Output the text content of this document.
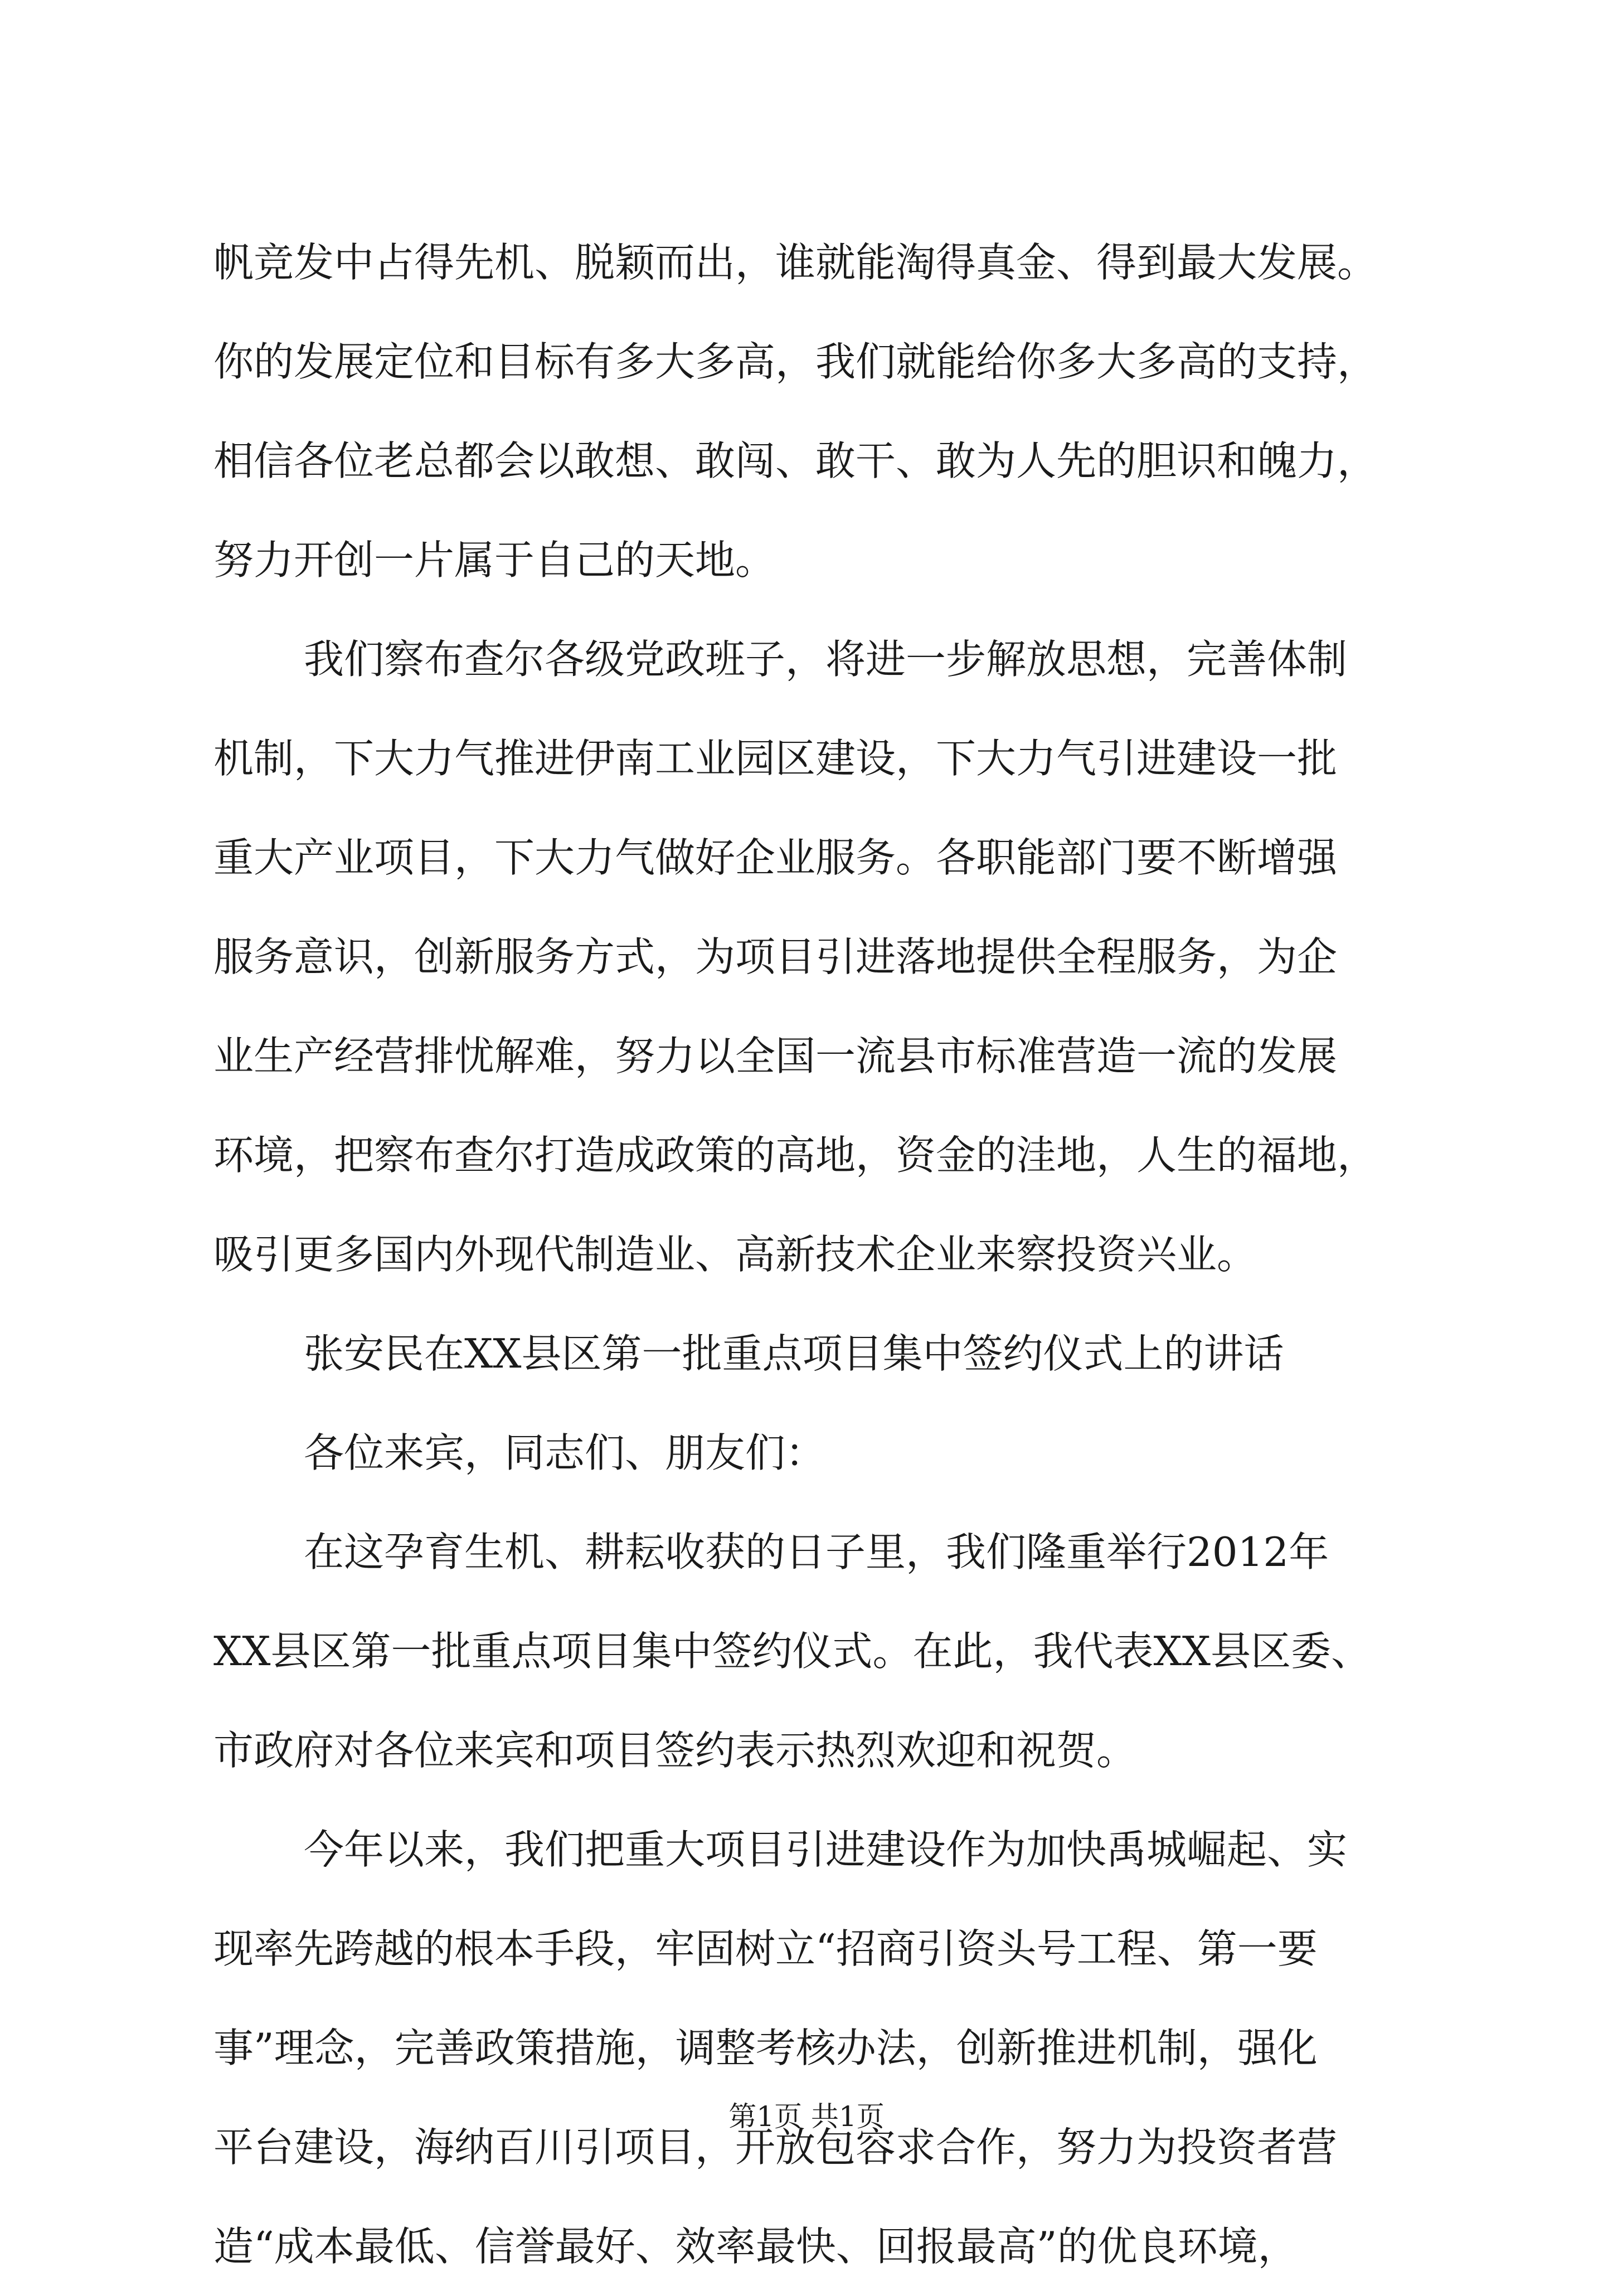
帆竞发中占得先机、脱颖而出，谁就能淘得真金、得到最大发展。
你的发展定位和目标有多大多高，我们就能给你多大多高的支持，
相信各位老总都会以敢想、敢闯、敢干、敢为人先的胆识和魄力，
努力开创一片属于自己的天地。
我们察布查尔各级党政班子，将进一步解放思想，完善体制
机制，下大力气推进伊南工业园区建设，下大力气引进建设一批
重大产业项目，下大力气做好企业服务。各职能部门要不断增强
服务意识，创新服务方式，为项目引进落地提供全程服务，为企
业生产经营排忧解难，努力以全国一流县市标准营造一流的发展
环境，把察布查尔打造成政策的高地，资金的洼地，人生的福地，
吸引更多国内外现代制造业、高新技术企业来察投资兴业。
张安民在XX县区第一批重点项目集中签约仪式上的讲话
各位来宾，同志们、朋友们：
在这孕育生机、耕耘收获的日子里，我们隆重举行2012年
XX县区第一批重点项目集中签约仪式。在此，我代表XX县区委、
市政府对各位来宾和项目签约表示热烈欢迎和祝贺。
今年以来，我们把重大项目引进建设作为加快禹城崛起、实
现率先跨越的根本手段，牢固树立“招商引资头号工程、第一要
事”理念，完善政策措施，调整考核办法，创新推进机制，强化
平台建设，海纳百川引项目，开放包容求合作，努力为投资者营
造“成本最低、信誉最好、效率最快、回报最高”的优良环境，
第1页 共1页
